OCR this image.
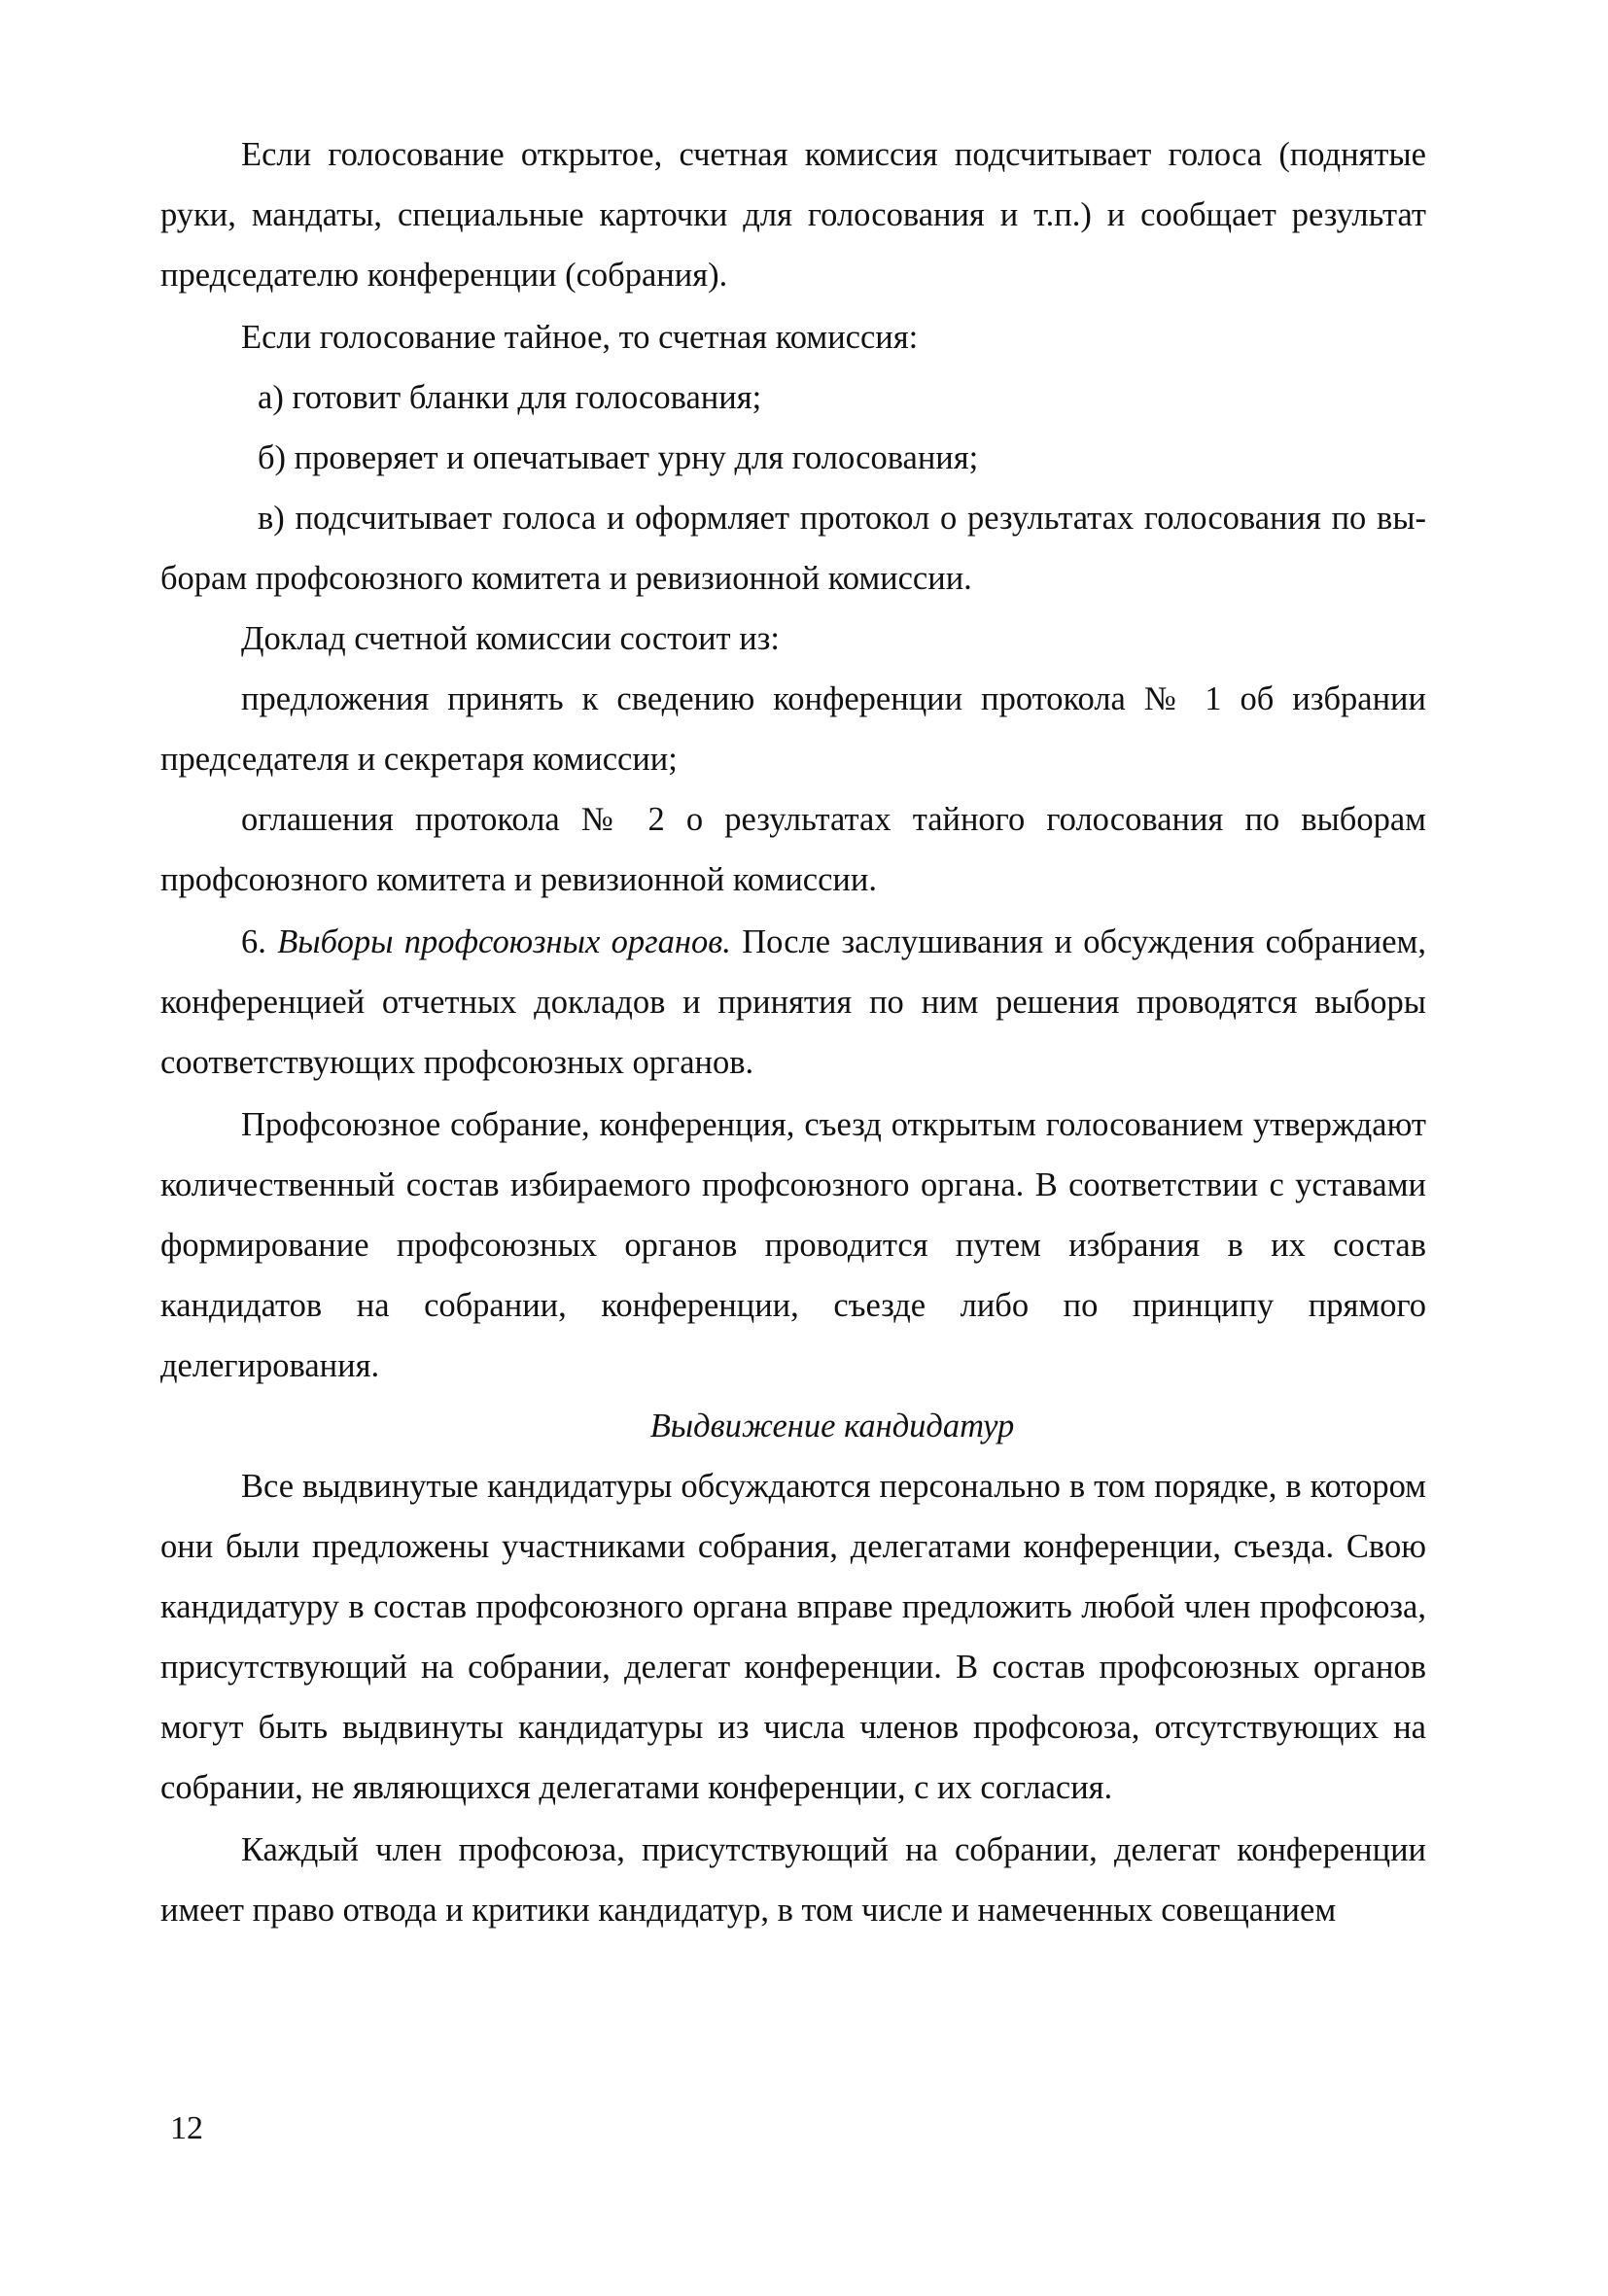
Если голосование открытое, счетная комиссия подсчитывает голоса (поднятые руки, мандаты, специальные карточки для голосования и т.п.) и сообщает результат председателю конференции (собрания).

Если голосование тайное, то счетная комиссия:

а) готовит бланки для голосования;

б) проверяет и опечатывает урну для голосования;

в) подсчитывает голоса и оформляет протокол о результатах голосования по выборам профсоюзного комитета и ревизионной комиссии.

Доклад счетной комиссии состоит из:

предложения принять к сведению конференции протокола № 1 об избрании председателя и секретаря комиссии;

оглашения протокола № 2 о результатах тайного голосования по выборам профсоюзного комитета и ревизионной комиссии.

6. Выборы профсоюзных органов. После заслушивания и обсуждения собранием, конференцией отчетных докладов и принятия по ним решения проводятся выборы соответствующих профсоюзных органов.

Профсоюзное собрание, конференция, съезд открытым голосованием утверждают количественный состав избираемого профсоюзного органа. В соответствии с уставами формирование профсоюзных органов проводится путем избрания в их состав кандидатов на собрании, конференции, съезде либо по принципу прямого делегирования.

Выдвижение кандидатур

Все выдвинутые кандидатуры обсуждаются персонально в том порядке, в котором они были предложены участниками собрания, делегатами конференции, съезда. Свою кандидатуру в состав профсоюзного органа вправе предложить любой член профсоюза, присутствующий на собрании, делегат конференции. В состав профсоюзных органов могут быть выдвинуты кандидатуры из числа членов профсоюза, отсутствующих на собрании, не являющихся делегатами конференции, с их согласия.

Каждый член профсоюза, присутствующий на собрании, делегат конференции имеет право отвода и критики кандидатур, в том числе и намеченных совещанием

12
